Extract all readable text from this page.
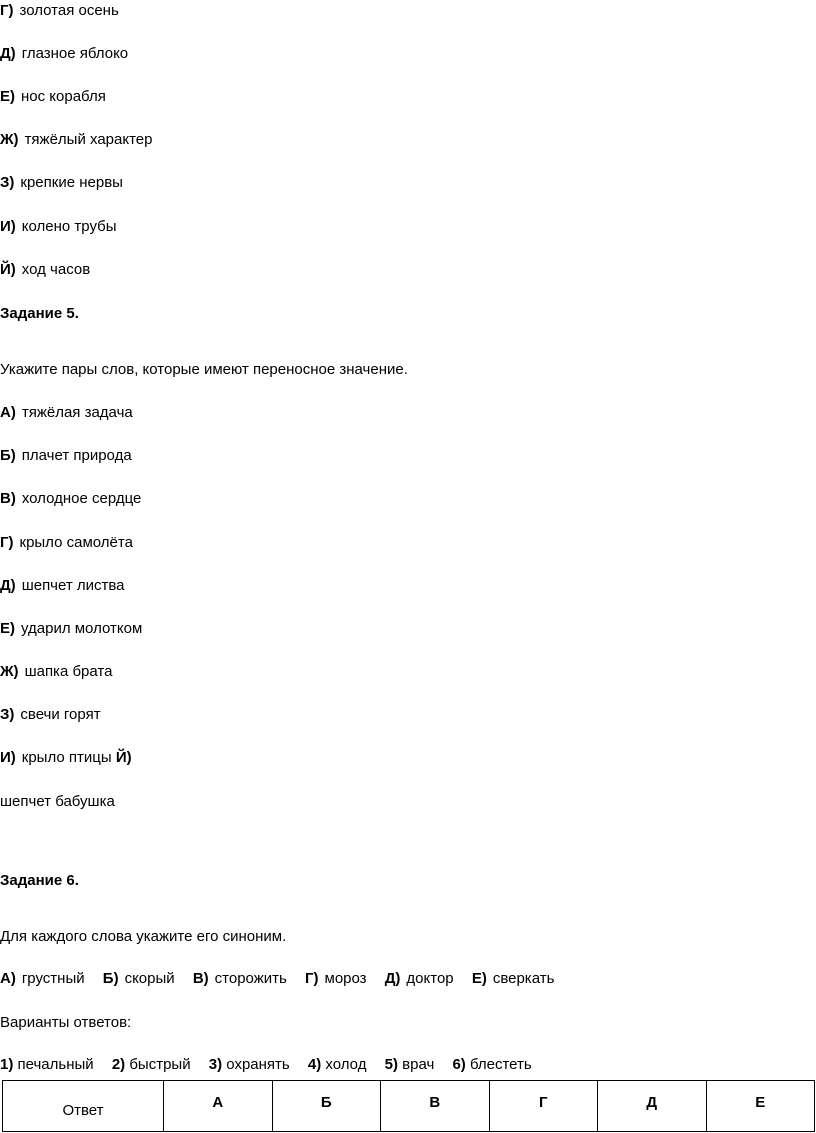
Г) золотая осень
Д) глазное яблоко
Е) нос корабля
Ж) тяжёлый характер
З) крепкие нервы
И) колено трубы
Й) ход часов
Задание 5.
Укажите пары слов, которые имеют переносное значение.
А) тяжёлая задача
Б) плачет природа
В) холодное сердце
Г) крыло самолёта
Д) шепчет листва
Е) ударил молотком
Ж) шапка брата
З) свечи горят
И) крыло птицы Й)
шепчет бабушка
Задание 6.
Для каждого слова укажите его синоним.
А) грустный Б) скорый В) сторожить Г) мороз Д) доктор Е) сверкать
Варианты ответов:
1) печальный 2) быстрый 3) охранять 4) холод 5) врач 6) блестеть
Ответ	А	Б	В	Г	Д	Е
